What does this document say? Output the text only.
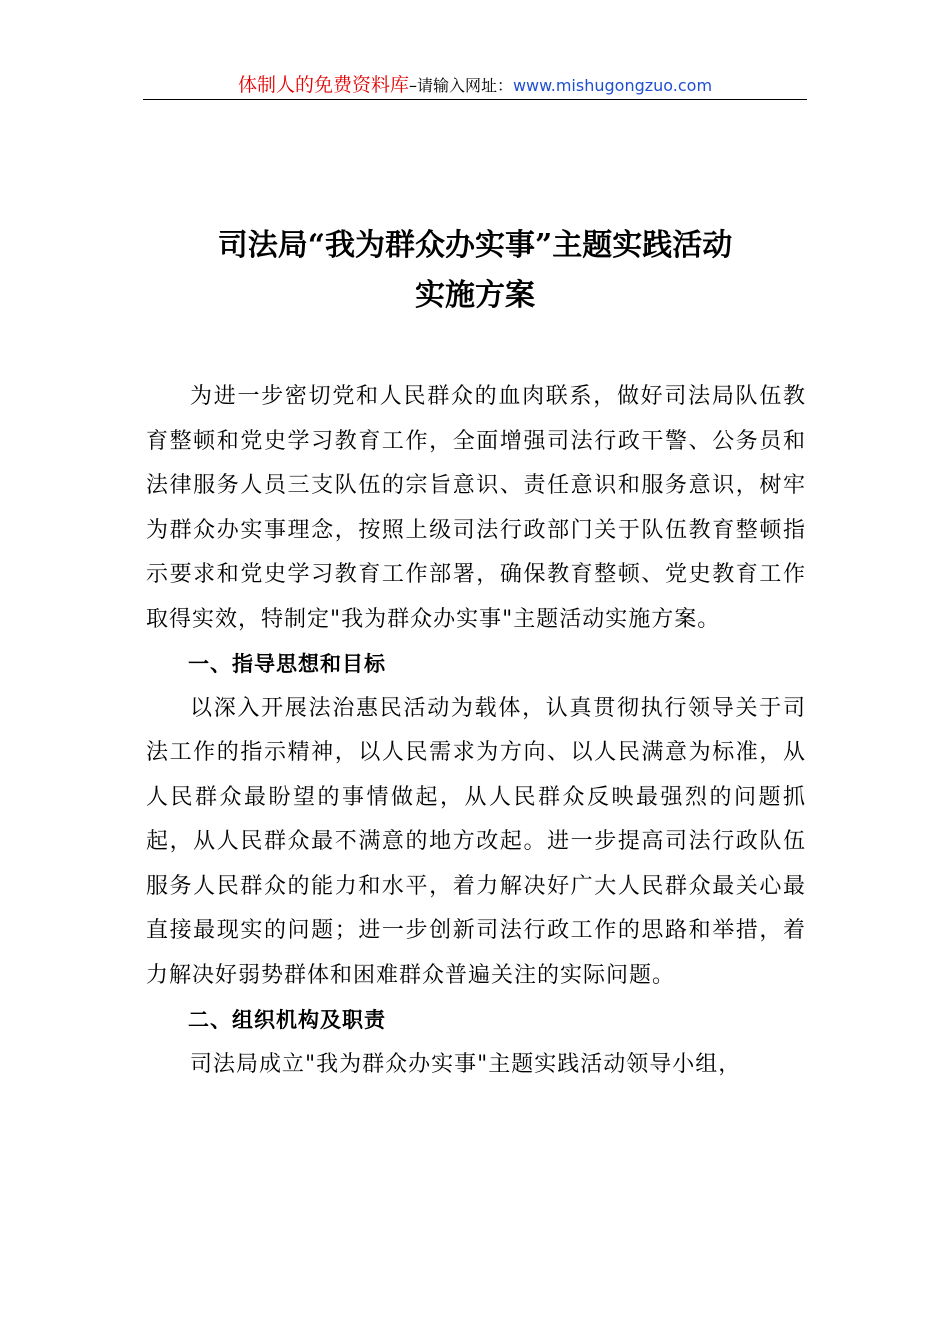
体制人的免费资料库–请输入网址：www.mishugongzuo.com
司法局“我为群众办实事”主题实践活动
实施方案

为进一步密切党和人民群众的血肉联系，做好司法局队伍教育整顿和党史学习教育工作，全面增强司法行政干警、公务员和法律服务人员三支队伍的宗旨意识、责任意识和服务意识，树牢为群众办实事理念，按照上级司法行政部门关于队伍教育整顿指示要求和党史学习教育工作部署，确保教育整顿、党史教育工作取得实效，特制定"我为群众办实事"主题活动实施方案。

一、指导思想和目标

以深入开展法治惠民活动为载体，认真贯彻执行领导关于司法工作的指示精神，以人民需求为方向、以人民满意为标准，从人民群众最盼望的事情做起，从人民群众反映最强烈的问题抓起，从人民群众最不满意的地方改起。进一步提高司法行政队伍服务人民群众的能力和水平，着力解决好广大人民群众最关心最直接最现实的问题；进一步创新司法行政工作的思路和举措，着力解决好弱势群体和困难群众普遍关注的实际问题。

二、组织机构及职责

司法局成立"我为群众办实事"主题实践活动领导小组，
